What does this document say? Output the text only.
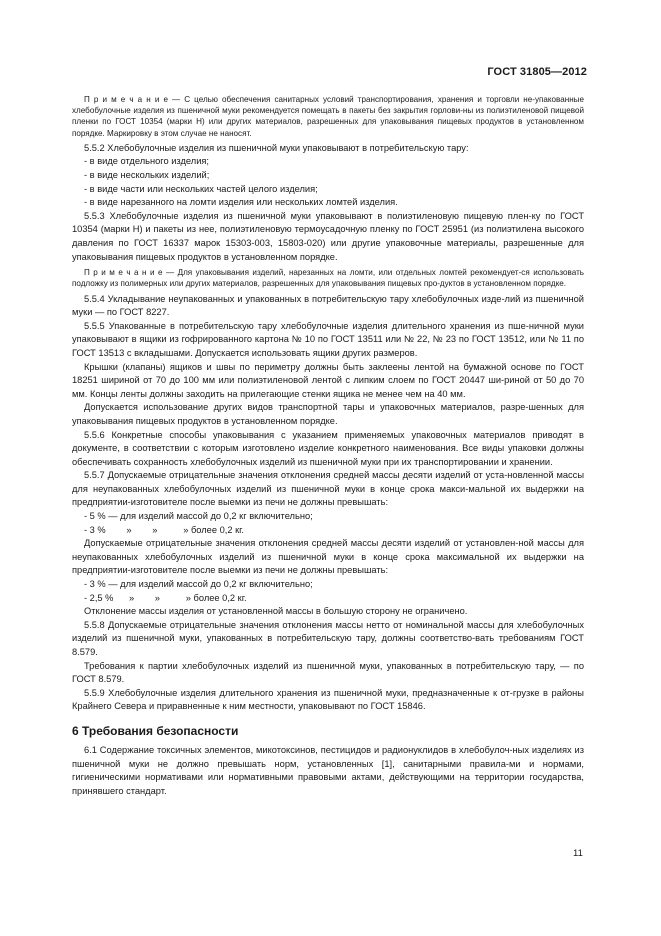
ГОСТ 31805—2012

П р и м е ч а н и е — С целью обеспечения санитарных условий транспортирования, хранения и торговли не-упакованные хлебобулочные изделия из пшеничной муки рекомендуется помещать в пакеты без закрытия горлови-ны из полиэтиленовой пищевой пленки по ГОСТ 10354 (марки Н) или других материалов, разрешенных для упаковывания пищевых продуктов в установленном порядке. Маркировку в этом случае не наносят.

5.5.2 Хлебобулочные изделия из пшеничной муки упаковывают в потребительскую тару:

- в виде отдельного изделия;

- в виде нескольких изделий;

- в виде части или нескольких частей целого изделия;

- в виде нарезанного на ломти изделия или нескольких ломтей изделия.

5.5.3 Хлебобулочные изделия из пшеничной муки упаковывают в полиэтиленовую пищевую плен-ку по ГОСТ 10354 (марки Н) и пакеты из нее, полиэтиленовую термоусадочную пленку по ГОСТ 25951 (из полиэтилена высокого давления по ГОСТ 16337 марок 15303-003, 15803-020) или другие упаковочные материалы, разрешенные для упаковывания пищевых продуктов в установленном порядке.

П р и м е ч а н и е — Для упаковывания изделий, нарезанных на ломти, или отдельных ломтей рекомендует-ся использовать подложку из полимерных или других материалов, разрешенных для упаковывания пищевых про-дуктов в установленном порядке.

5.5.4 Укладывание неупакованных и упакованных в потребительскую тару хлебобулочных изде-лий из пшеничной муки — по ГОСТ 8227.

5.5.5 Упакованные в потребительскую тару хлебобулочные изделия длительного хранения из пше-ничной муки упаковывают в ящики из гофрированного картона № 10 по ГОСТ 13511 или № 22, № 23 по ГОСТ 13512, или № 11 по ГОСТ 13513 с вкладышами. Допускается использовать ящики других размеров.

Крышки (клапаны) ящиков и швы по периметру должны быть заклеены лентой на бумажной основе по ГОСТ 18251 шириной от 70 до 100 мм или полиэтиленовой лентой с липким слоем по ГОСТ 20447 ши-риной от 50 до 70 мм. Концы ленты должны заходить на прилегающие стенки ящика не менее чем на 40 мм.

Допускается использование других видов транспортной тары и упаковочных материалов, разре-шенных для упаковывания пищевых продуктов в установленном порядке.

5.5.6 Конкретные способы упаковывания с указанием применяемых упаковочных материалов приводят в документе, в соответствии с которым изготовлено изделие конкретного наименования. Все виды упаковки должны обеспечивать сохранность хлебобулочных изделий из пшеничной муки при их транспортировании и хранении.

5.5.7 Допускаемые отрицательные значения отклонения средней массы десяти изделий от уста-новленной массы для неупакованных хлебобулочных изделий из пшеничной муки в конце срока макси-мальной их выдержки на предприятии-изготовителе после выемки из печи не должны превышать:

- 5 % — для изделий массой до 0,2 кг включительно;

- 3 %        »        »          » более 0,2 кг.

Допускаемые отрицательные значения отклонения средней массы десяти изделий от установлен-ной массы для неупакованных хлебобулочных изделий из пшеничной муки в конце срока максимальной их выдержки на предприятии-изготовителе после выемки из печи не должны превышать:

- 3 % — для изделий массой до 0,2 кг включительно;

- 2,5 %      »        »          » более 0,2 кг.

Отклонение массы изделия от установленной массы в большую сторону не ограничено.

5.5.8 Допускаемые отрицательные значения отклонения массы нетто от номинальной массы для хлебобулочных изделий из пшеничной муки, упакованных в потребительскую тару, должны соответство-вать требованиям ГОСТ 8.579.

Требования к партии хлебобулочных изделий из пшеничной муки, упакованных в потребительскую тару, — по ГОСТ 8.579.

5.5.9 Хлебобулочные изделия длительного хранения из пшеничной муки, предназначенные к от-грузке в районы Крайнего Севера и приравненные к ним местности, упаковывают по ГОСТ 15846.

6 Требования безопасности

6.1 Содержание токсичных элементов, микотоксинов, пестицидов и радионуклидов в хлебобулоч-ных изделиях из пшеничной муки не должно превышать норм, установленных [1], санитарными правила-ми и нормами, гигиеническими нормативами или нормативными правовыми актами, действующими на территории государства, принявшего стандарт.

11
